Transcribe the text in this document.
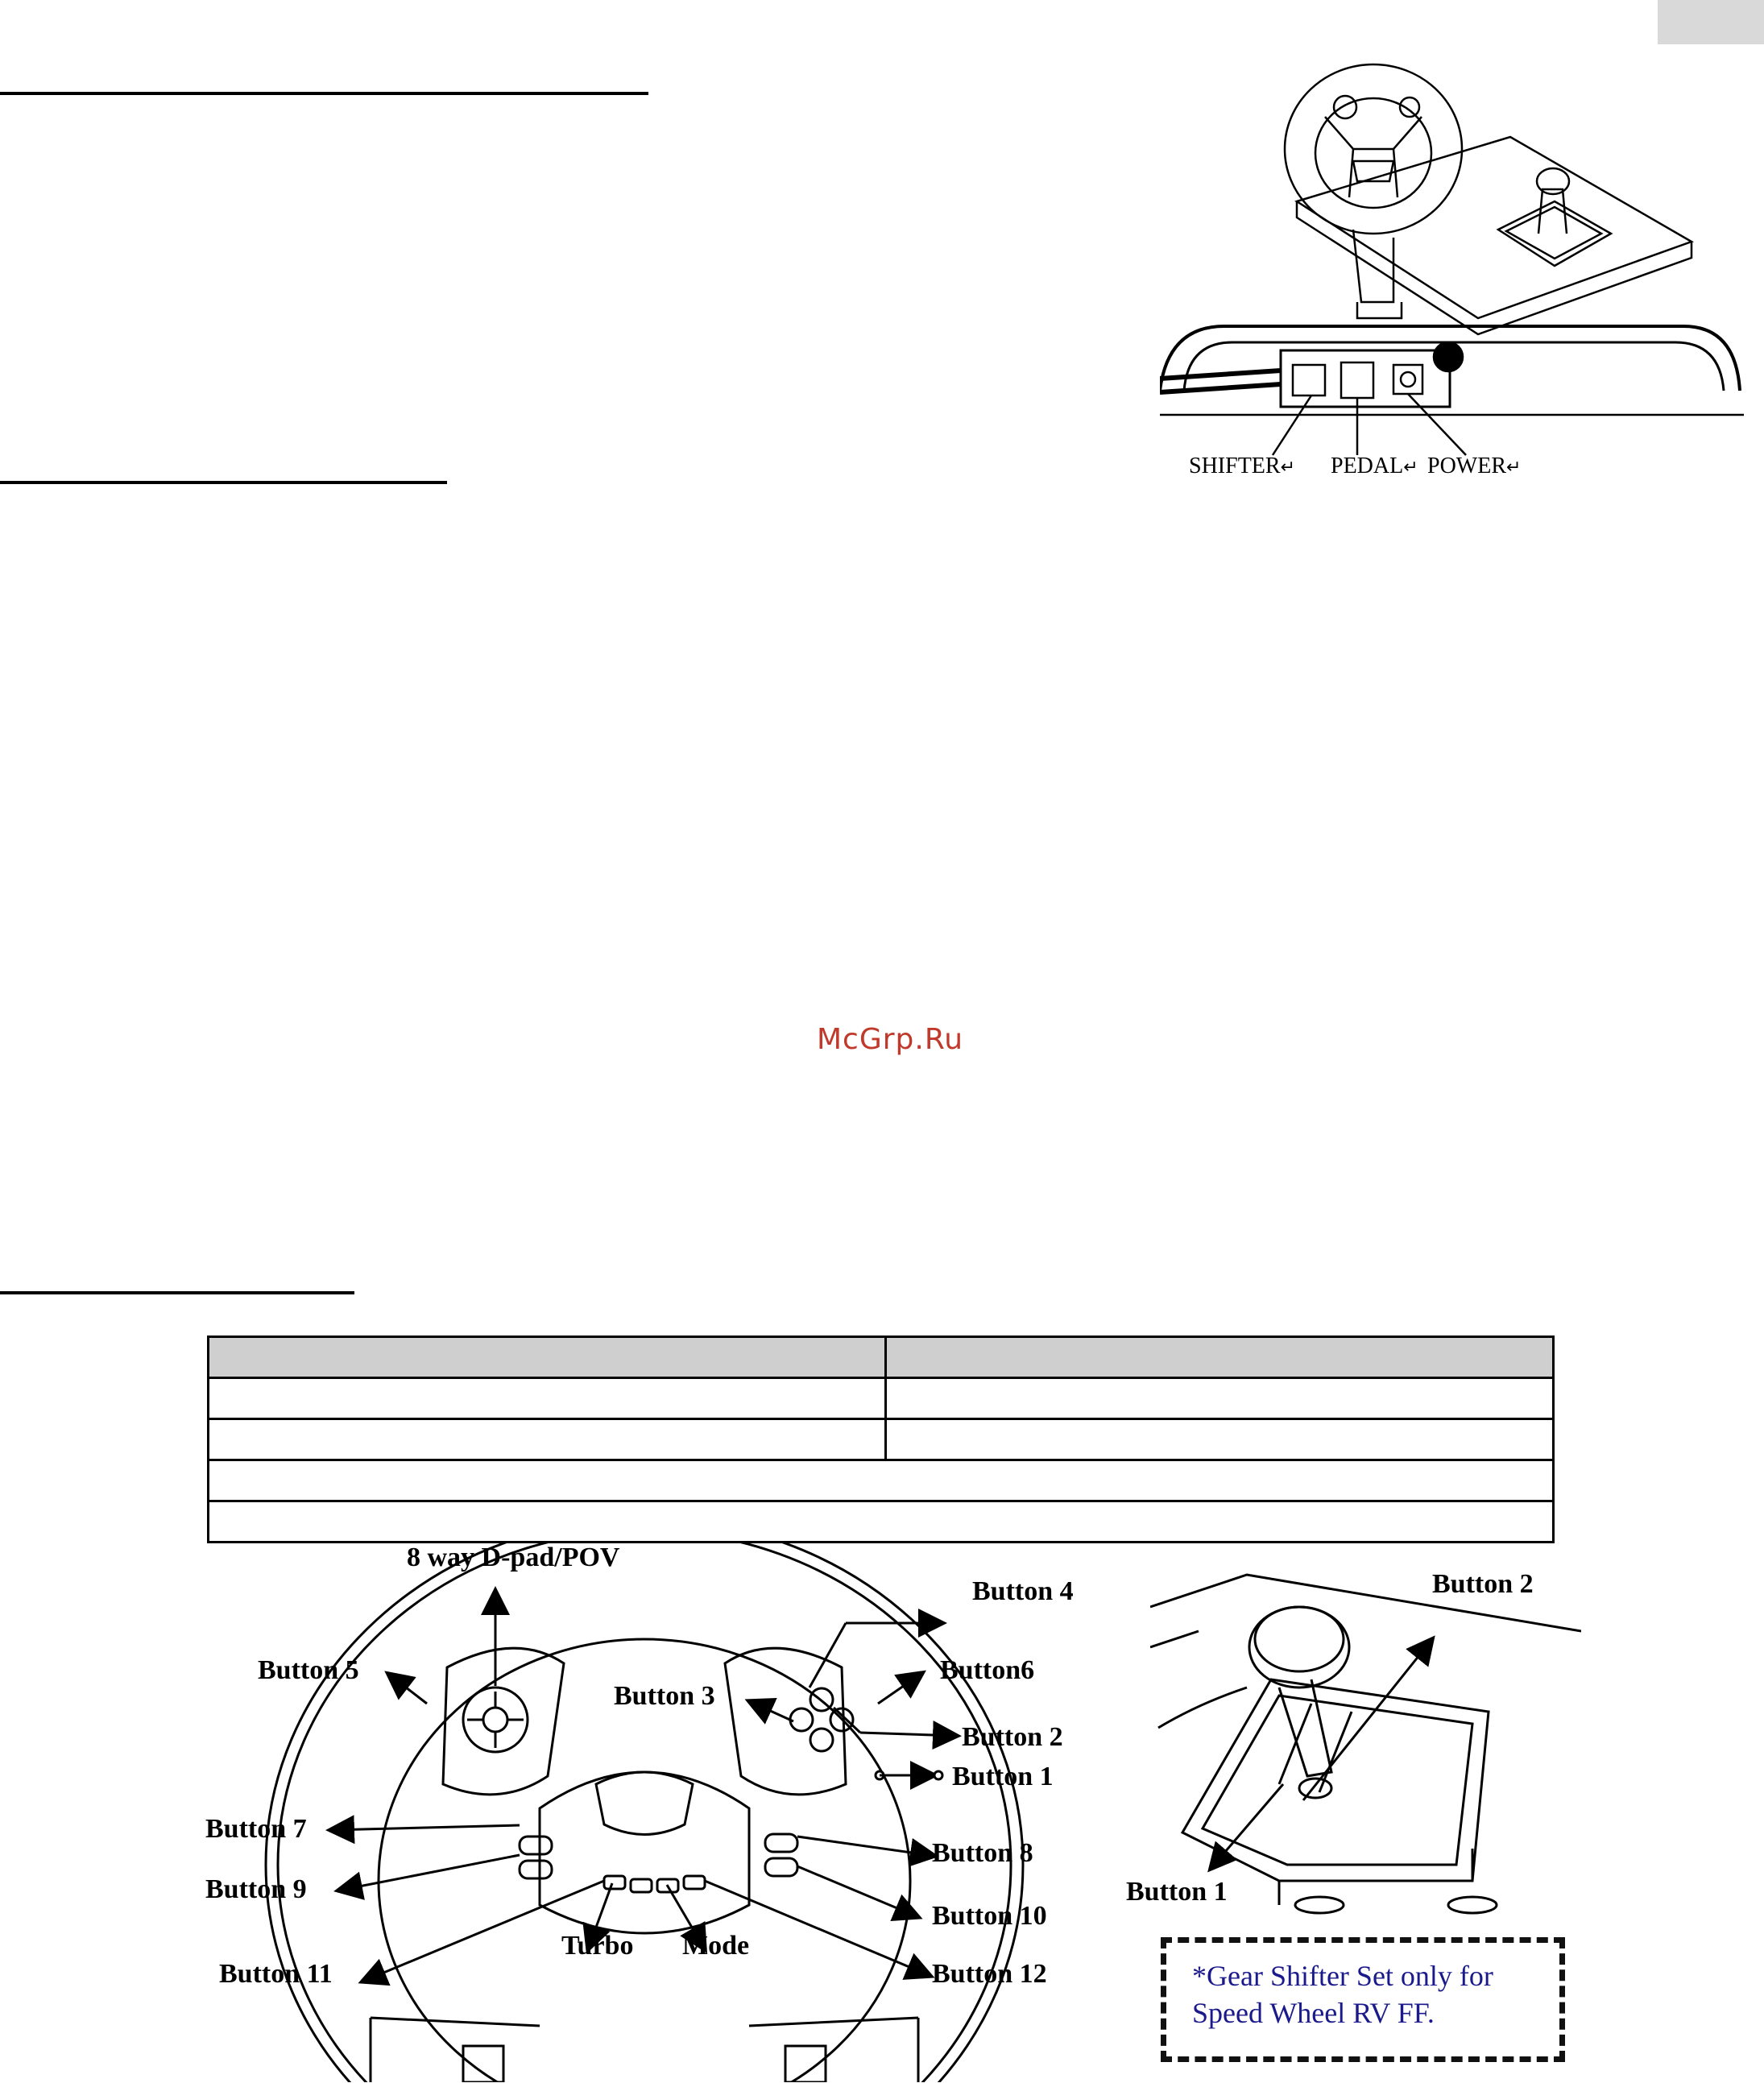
SHIFTER↵ PEDAL↵ POWER↵
McGrp.Ru

8 way D-pad/POV
Button 4
Button 5	Button6
Button 3
Button 2
Button 1
Button 7
Button 8
Button 9
Button 10
Button 11	Button 12
Turbo Mode
Button 2
Button 1
*Gear Shifter Set only for Speed Wheel RV FF.
